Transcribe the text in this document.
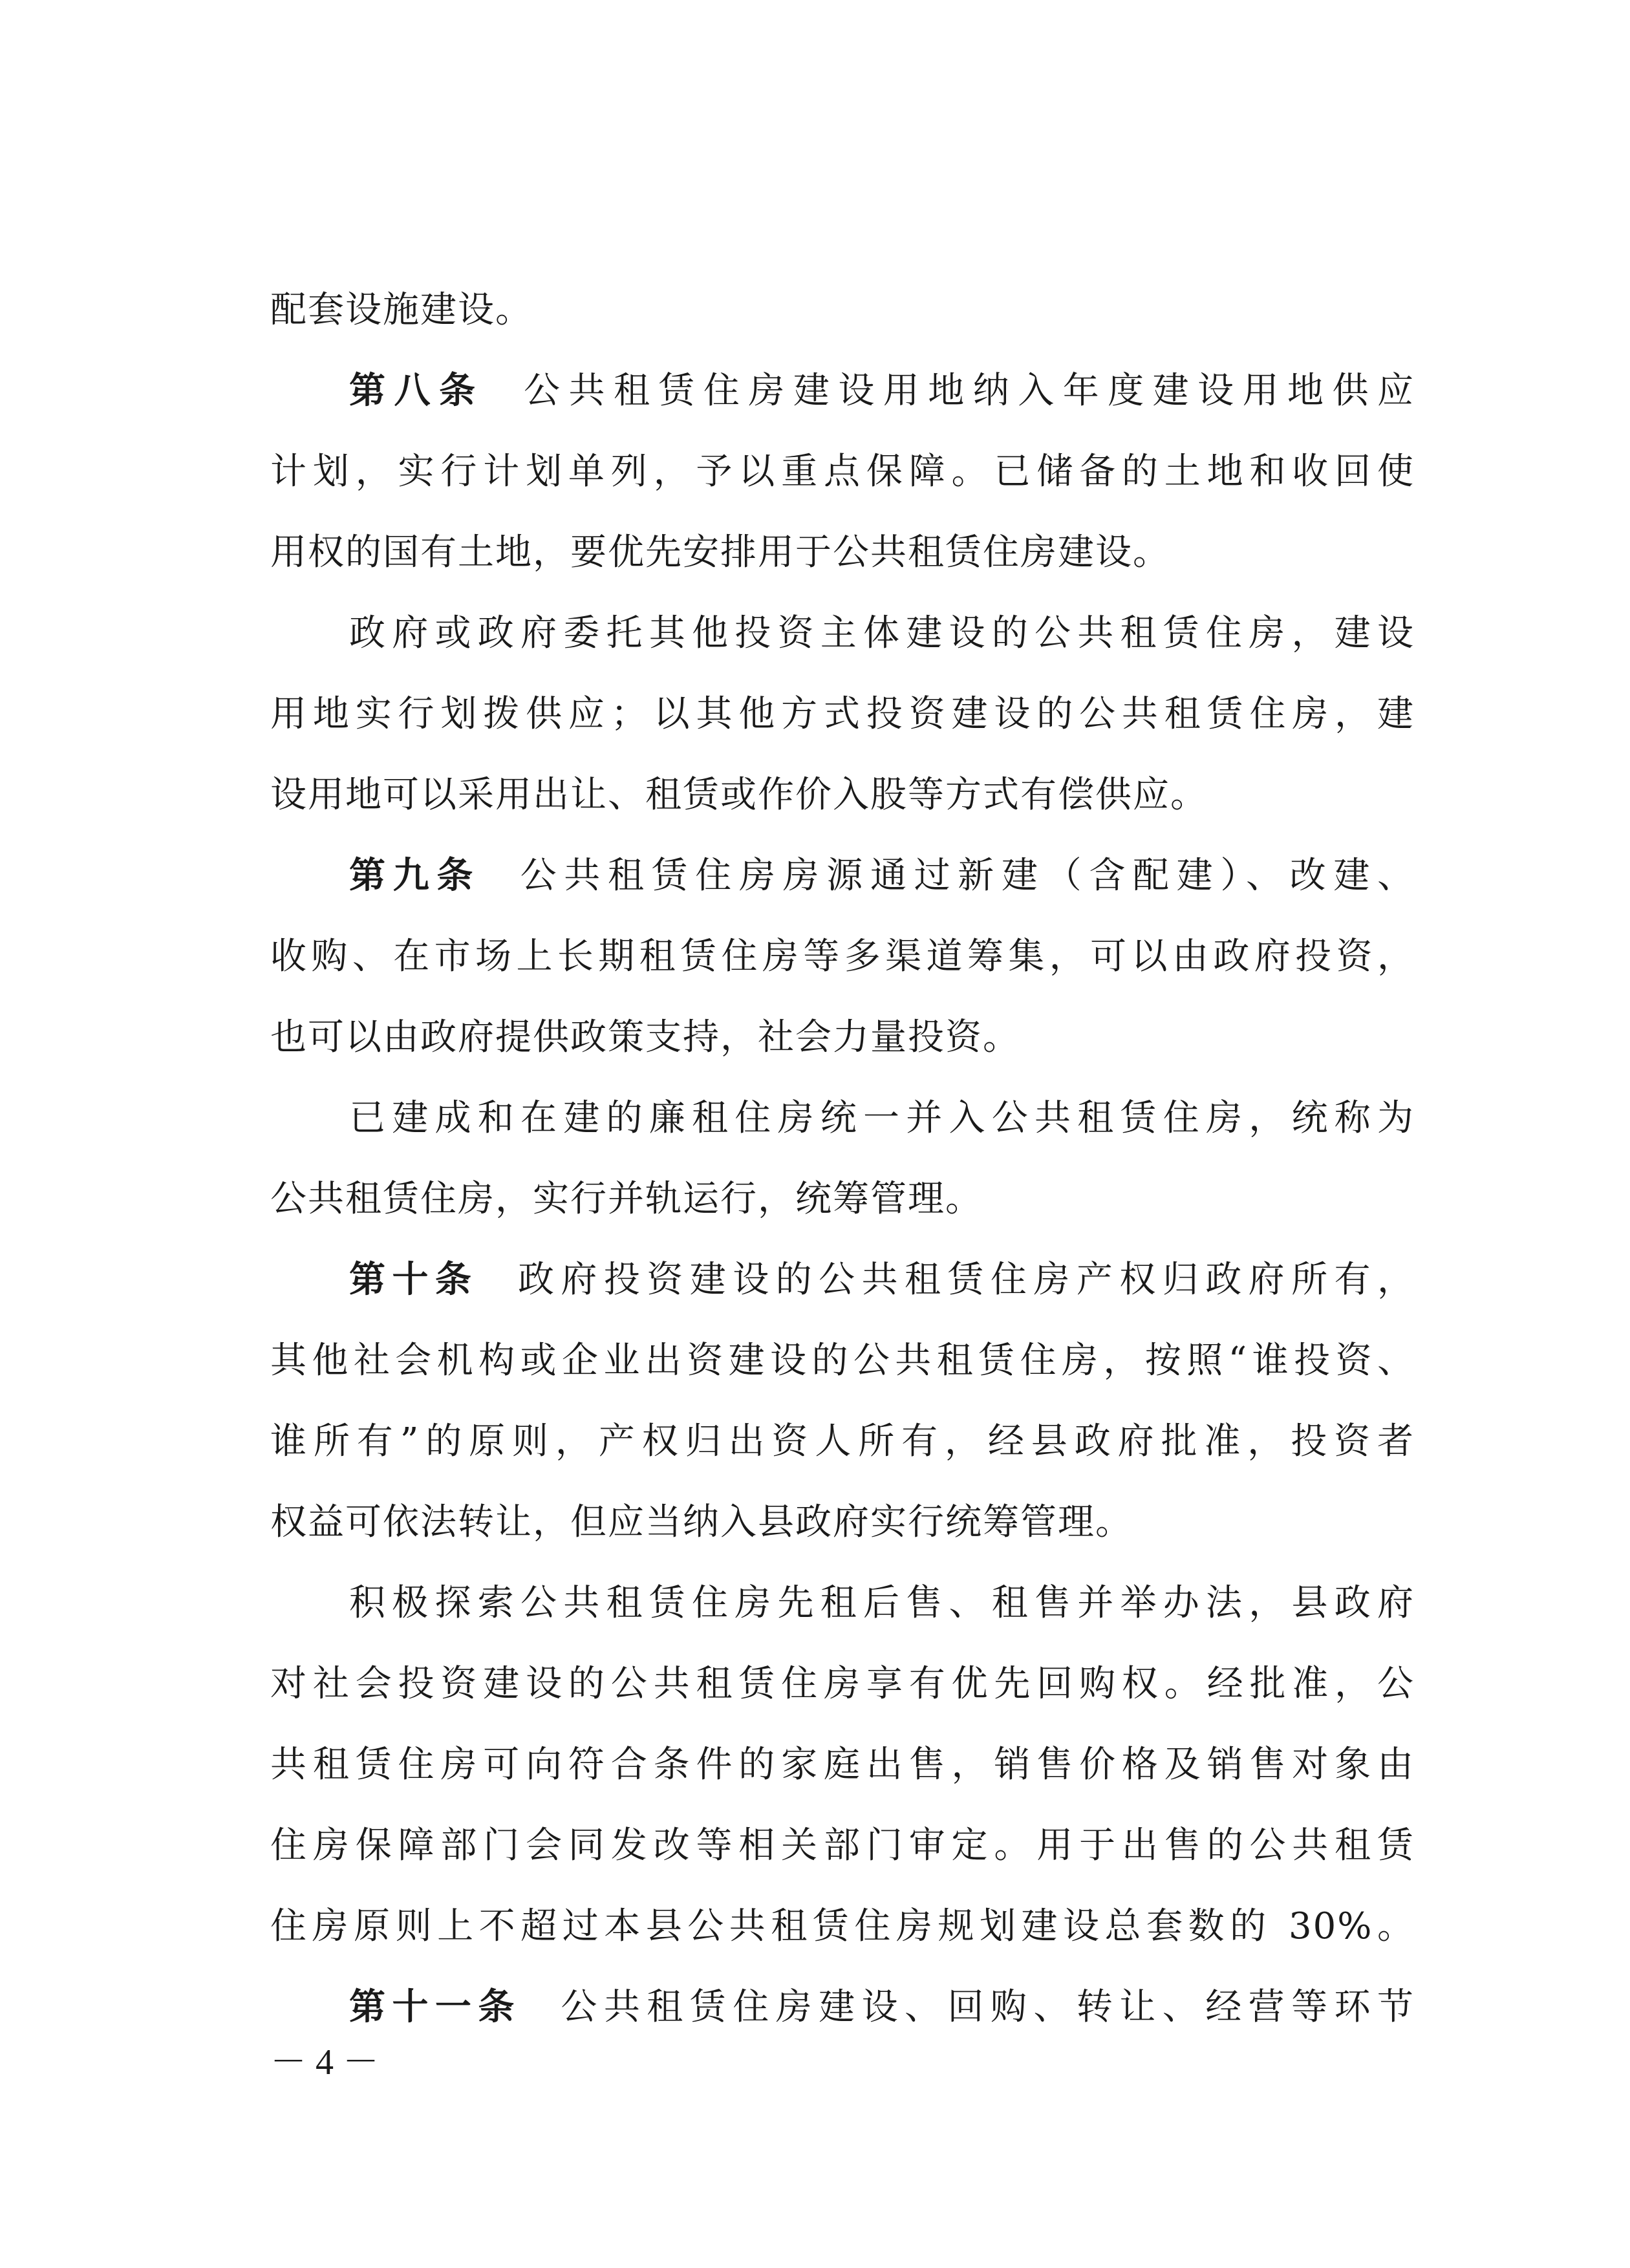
配套设施建设。
第八条 公共租赁住房建设用地纳入年度建设用地供应
计划，实行计划单列，予以重点保障。已储备的土地和收回使
用权的国有土地，要优先安排用于公共租赁住房建设。
政府或政府委托其他投资主体建设的公共租赁住房，建设
用地实行划拨供应；以其他方式投资建设的公共租赁住房，建
设用地可以采用出让、租赁或作价入股等方式有偿供应。
第九条 公共租赁住房房源通过新建（含配建）、改建、
收购、在市场上长期租赁住房等多渠道筹集，可以由政府投资，
也可以由政府提供政策支持，社会力量投资。
已建成和在建的廉租住房统一并入公共租赁住房，统称为
公共租赁住房，实行并轨运行，统筹管理。
第十条 政府投资建设的公共租赁住房产权归政府所有，
其他社会机构或企业出资建设的公共租赁住房，按照“谁投资、
谁所有”的原则，产权归出资人所有，经县政府批准，投资者
权益可依法转让，但应当纳入县政府实行统筹管理。
积极探索公共租赁住房先租后售、租售并举办法，县政府
对社会投资建设的公共租赁住房享有优先回购权。经批准，公
共租赁住房可向符合条件的家庭出售，销售价格及销售对象由
住房保障部门会同发改等相关部门审定。用于出售的公共租赁
住房原则上不超过本县公共租赁住房规划建设总套数的 30%。
第十一条 公共租赁住房建设、回购、转让、经营等环节
－ 4 －
